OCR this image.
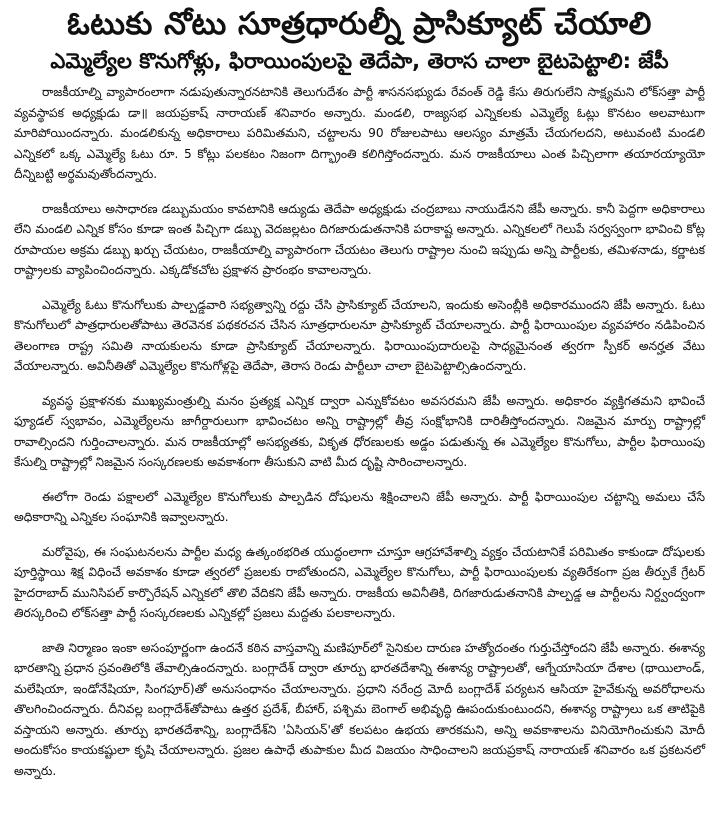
ఓటుకు నోటు సూత్రధారుల్నీ ప్రాసిక్యూట్ చేయాలి
ఎమ్మెల్యేల కొనుగోళ్లు, ఫిరాయింపులపై తెదేపా, తెరాస చాలా బైటపెట్టాలి: జేపీ

రాజకీయాల్ని వ్యాపారంలాగా నడుపుతున్నారనటానికి తెలుగుదేశం పార్టీ శాసనసభ్యుడు రేవంత్ రెడ్డి కేసు తిరుగులేని సాక్ష్యమని లోక్‌సత్తా పార్టీ వ్యవస్థాపక అధ్యక్షుడు డా॥ జయప్రకాష్ నారాయణ్ శనివారం అన్నారు. మండలి, రాజ్యసభ ఎన్నికలకు ఎమ్మెల్యే ఓట్లు కొనటం అలవాటుగా మారిపోయిందన్నారు. మండలికున్న అధికారాలు పరిమితమని, చట్టాలను 90 రోజులపాటు ఆలస్యం మాత్రమే చేయగలదని, అటువంటి మండలి ఎన్నికలో ఒక్క ఎమ్మెల్యే ఓటు రూ. 5 కోట్లు పలకటం నిజంగా దిగ్భ్రాంతి కలిగిస్తోందన్నారు. మన రాజకీయాలు ఎంత పిచ్చిలాగా తయారయ్యాయో దీన్నిబట్టి అర్థమవుతోందన్నారు.

రాజకీయాలు అసాధారణ డబ్బుమయం కావటానికి ఆద్యుడు తెదేపా అధ్యక్షుడు చంద్రబాబు నాయుడేనని జేపీ అన్నారు. కానీ పెద్దగా అధికారాలు లేని మండలి ఎన్నిక కోసం కూడా ఇంత పిచ్చిగా డబ్బు వెదజల్లటం దిగజారుడుతనానికి పరాకాష్ట అన్నారు. ఎన్నికలలో గెలుపే సర్వస్వంగా భావించి కోట్ల రూపాయల అక్రమ డబ్బు ఖర్చు చేయటం, రాజకీయాల్ని వ్యాపారంగా చేయటం తెలుగు రాష్ట్రాల నుంచి ఇప్పుడు అన్ని పార్టీలకు, తమిళనాడు, కర్ణాటక రాష్ట్రాలకు వ్యాపించిందన్నారు. ఎక్కడోకచోట ప్రక్షాళన ప్రారంభం కావాలన్నారు.

ఎమ్మెల్యే ఓటు కొనుగోలుకు పాల్పడ్డవారి సభ్యత్వాన్ని రద్దు చేసి ప్రాసిక్యూట్ చేయాలని, ఇందుకు అసెంబ్లీకి అధికారముందని జేపీ అన్నారు. ఓటు కొనుగోలులో పాత్రధారులతోపాటు తెరవెనక పథకరచన చేసిన సూత్రధారులనూ ప్రాసిక్యూట్ చేయాలన్నారు. పార్టీ ఫిరాయింపుల వ్యవహారం నడిపించిన తెలంగాణ రాష్ట్ర సమితి నాయకులను కూడా ప్రాసిక్యూట్ చేయాలన్నారు. ఫిరాయింపుదారులపై సాధ్యమైనంత త్వరగా స్పీకర్ అనర్హత వేటు వేయాలన్నారు. అవినీతితో ఎమ్మెల్యేల కొనుగోళ్లపై తెదేపా, తెరాస రెండు పార్టీలూ చాలా బైటపెట్టాల్సిఉందన్నారు.

వ్యవస్థ ప్రక్షాళనకు ముఖ్యమంత్రుల్ని మనం ప్రత్యక్ష ఎన్నిక ద్వారా ఎన్నుకోవటం అవసరమని జేపీ అన్నారు. అధికారం వ్యక్తిగతమని భావించే ఫ్యూడల్ స్వభావం, ఎమ్మెల్యేలను జాగీర్దారులుగా భావించటం అన్ని రాష్ట్రాల్లో తీవ్ర సంక్షోభానికి దారితీస్తోందన్నారు. నిజమైన మార్పు రాష్ట్రాల్లో రావాల్సిందని గుర్తించాలన్నారు. మన రాజకీయాల్లో అసభ్యతకు, వికృత ధోరణులకు అడ్డం పడుతున్న ఈ ఎమ్మెల్యేల కొనుగోలు, పార్టీల ఫిరాయింపు కేసుల్ని రాష్ట్రాల్లో నిజమైన సంస్కరణలకు అవకాశంగా తీసుకుని వాటి మీద దృష్టి సారించాలన్నారు.

ఈలోగా రెండు పక్షాలలో ఎమ్మెల్యేల కొనుగోలుకు పాల్పడిన దోషులను శిక్షించాలని జేపీ అన్నారు. పార్టీ ఫిరాయింపుల చట్టాన్ని అమలు చేసే అధికారాన్ని ఎన్నికల సంఘానికి ఇవ్వాలన్నారు.

మరోవైపు, ఈ సంఘటనలను పార్టీల మధ్య ఉత్కంఠభరిత యుద్ధంలాగా చూస్తూ ఆగ్రహావేశాల్ని వ్యక్తం చేయటానికే పరిమితం కాకుండా దోషులకు పూర్తిస్థాయి శిక్ష విధించే అవకాశం కూడా త్వరలో ప్రజలకు రాబోతుందని, ఎమ్మెల్యేల కొనుగోలు, పార్టీ ఫిరాయింపులకు వ్యతిరేకంగా ప్రజ తీర్పుకే గ్రేటర్ హైదరాబాద్ మునిసిపల్ కార్పొరేషన్ ఎన్నికలో తొలి వేదికని జేపీ అన్నారు. రాజకీయ అవినీతికి, దిగజారుడుతనానికి పాల్పడ్డ ఆ పార్టీలను నిర్ద్వంద్వంగా తిరస్కరించి లోక్‌సత్తా పార్టీ సంస్కరణలకు ఎన్నికల్లో ప్రజలు మద్దతు పలకాలన్నారు.

జాతి నిర్మాణం ఇంకా అసంపూర్ణంగా ఉందనే కఠిన వాస్తవాన్ని మణిపూర్‌లో సైనికుల దారుణ హత్యోదంతం గుర్తుచేస్తోందని జేపీ అన్నారు. ఈశాన్య భారతాన్ని ప్రధాన స్రవంతిలోకి తేవాల్సిఉందన్నారు. బంగ్లాదేశ్ ద్వారా తూర్పు భారతదేశాన్ని ఈశాన్య రాష్ట్రాలతో, ఆగ్నేయాసియా దేశాల (థాయిలాండ్, మలేషియా, ఇండోనేషియా, సింగపూర్)తో అనుసంధానం చేయాలన్నారు. ప్రధాని నరేంద్ర మోదీ బంగ్లాదేశ్ పర్యటన ఆసియా హైవేకున్న అవరోధాలను తొలగించిందన్నారు. దీనివల్ల బంగ్లాదేశ్‌తోపాటు ఉత్తర ప్రదేశ్, బీహార్, పశ్చిమ బెంగాల్ అభివృద్ధి ఊపందుకుంటుందని, ఈశాన్య రాష్ట్రాలు ఒక తాటిపైకి వస్తాయని అన్నారు. తూర్పు భారతదేశాన్ని, బంగ్లాదేశ్‌ని 'ఏసియన్'తో కలపటం ఉభయ తారకమని, అన్ని అవకాశాలను వినియోగించుకుని మోదీ అందుకోసం కాయకష్టులా కృషి చేయాలన్నారు. ప్రజల ఉపాధే తుపాకుల మీద విజయం సాధించాలని జయప్రకాష్ నారాయణ్ శనివారం ఒక ప్రకటనలో అన్నారు.
